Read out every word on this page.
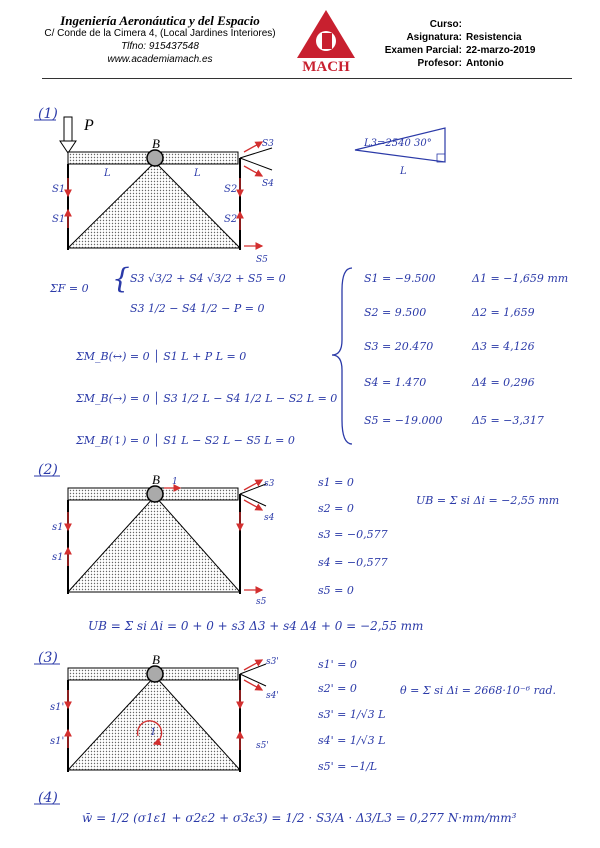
Ingeniería Aeronáutica y del Espacio
C/ Conde de la Cimera 4, (Local Jardines Interiores)
Tlfno: 915437548
www.academiamach.es	MACH
Curso:
Asignatura: Resistencia
Examen Parcial: 22-marzo-2019
Profesor: Antonio
(1)
P
B
L	L
S1	S2
S1	S2
S3
S4
S5
L3=2540 30°
L
ΣF = 0 { S3 √3/2 + S4 √3/2 + S5 = 0
S3 1/2 − S4 1/2 − P = 0
ΣM_B(↔) = 0 │ S1 L + P L = 0
ΣM_B(→) = 0 │ S3 1/2 L − S4 1/2 L − S2 L = 0
ΣM_B(↕) = 0 │ S1 L − S2 L − S5 L = 0
S1 = −9.500	Δ1 = −1,659 mm
S2 = 9.500	Δ2 = 1,659
S3 = 20.470	Δ3 = 4,126
S4 = 1.470	Δ4 = 0,296
S5 = −19.000	Δ5 = −3,317
(2)
B 1
s1
s1
s3
s4
s5
s1 = 0
s2 = 0
s3 = −0,577
s4 = −0,577
s5 = 0
UB = Σ si Δi = −2,55 mm
UB = Σ si Δi = 0 + 0 + s3 Δ3 + s4 Δ4 + 0 = −2,55 mm
(3)	B
1
s1'
s1'
s3'
s4'
s5'
s1' = 0
s2' = 0
s3' = 1/√3 L
s4' = 1/√3 L
s5' = −1/L
θ = Σ si Δi = 2668·10⁻⁶ rad.
(4)
w̄ = 1/2 (σ1ε1 + σ2ε2 + σ3ε3) = 1/2 · S3/A · Δ3/L3 = 0,277 N·mm/mm³
